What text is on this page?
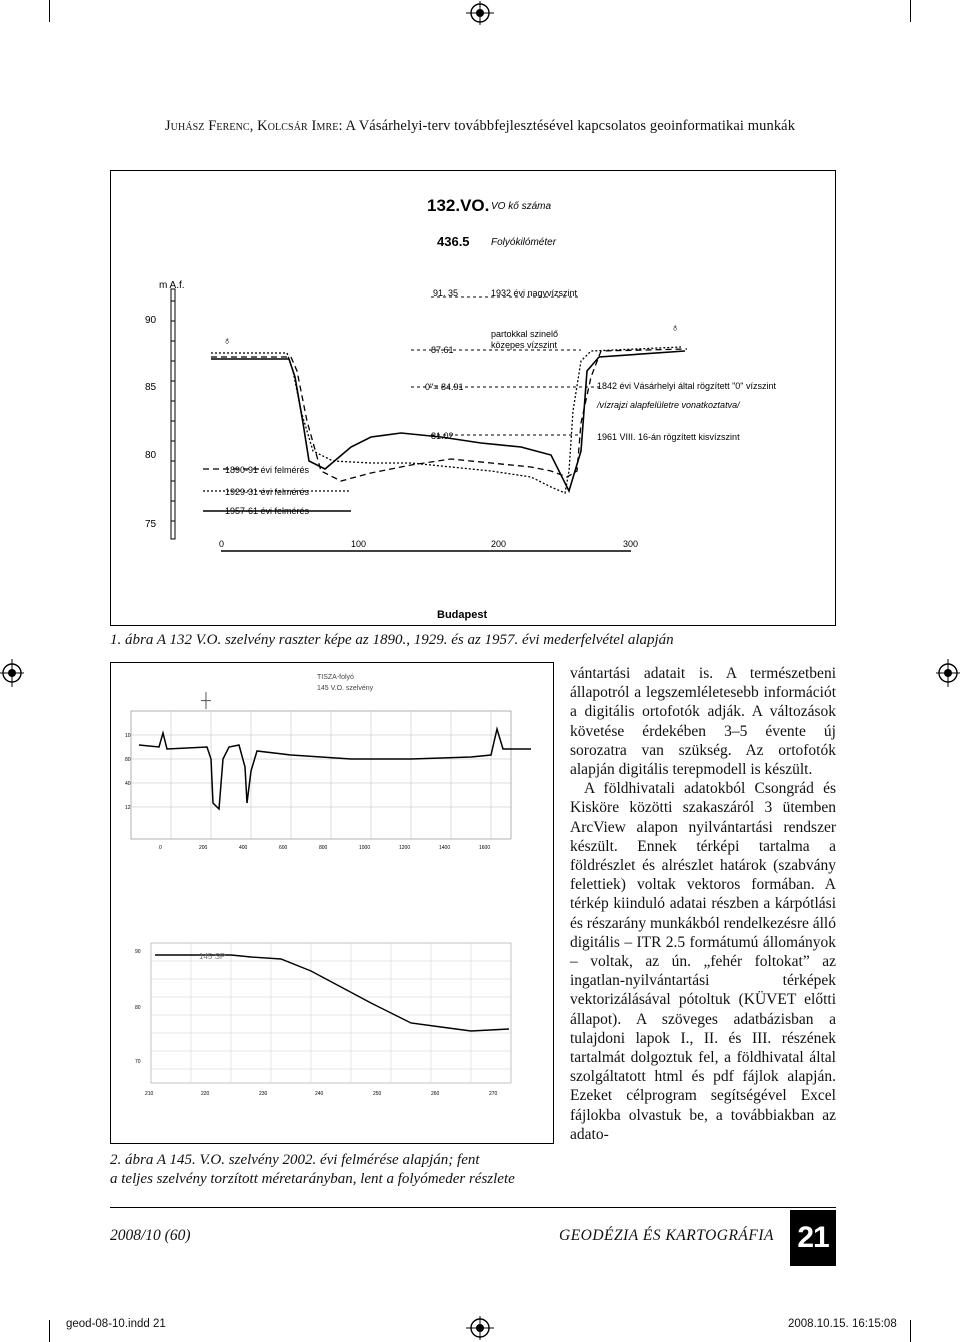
Juhász Ferenc, Kolcsár Imre: A Vásárhelyi-terv továbbfejlesztésével kapcsolatos geoinformatikai munkák
132.VO. VO kő száma
436.5 Folyókilóméter
m A.f.
90
85
80
75
91. 35	1932 évi nagyvízszint
87.61
partokkal szinelő
közepes vízszint
0"= 84.91	1842 évi Vásárhelyi által rögzített "0" vízszint
/vízrajzi alapfelületre vonatkoztatva/
81.02	1961 VIII. 16-án rögzített kisvízszint
♁
♁
1890-91 évi felmérés
1929-31 évi felmérés
1957-61 évi felmérés
0	100	200	300
Budapest
1. ábra A 132 V.O. szelvény raszter képe az 1890., 1929. és az 1957. évi mederfelvétel alapján
TISZA-folyó
145 V.O. szelvény
┼
10
80
40
12
0	200	400	600	800	1000	1200	1400	1600
145 SP
90
80
70
210	220	230	240	250	260	270
2. ábra A 145. V.O. szelvény 2002. évi felmérése alapján; fent
a teljes szelvény torzított méretarányban, lent a folyómeder részlete

vántartási adatait is. A természetbeni állapotról a legszemléletesebb információt a digitális ortofotók adják. A változások követése érdekében 3–5 évente új sorozatra van szükség. Az ortofotók alapján digitális terepmodell is készült.

A földhivatali adatokból Csongrád és Kisköre közötti szakaszáról 3 ütemben ArcView alapon nyilvántartási rendszer készült. Ennek térképi tartalma a földrészlet és alrészlet határok (szabvány felettiek) voltak vektoros formában. A térkép kiinduló adatai részben a kárpótlási és részarány munkákból rendelkezésre álló digitális – ITR 2.5 formátumú állományok – voltak, az ún. „fehér foltokat” az ingatlan-nyilvántartási térképek vektorizálásával pótoltuk (KÜVET előtti állapot). A szöveges adatbázisban a tulajdoni lapok I., II. és III. részének tartalmát dolgoztuk fel, a földhivatal által szolgáltatott html és pdf fájlok alapján. Ezeket célprogram segítségével Excel fájlokba olvastuk be, a továbbiakban az adato-

2008/10 (60)	GEODÉZIA ÉS KARTOGRÁFIA 21
geod-08-10.indd 21	2008.10.15. 16:15:08
